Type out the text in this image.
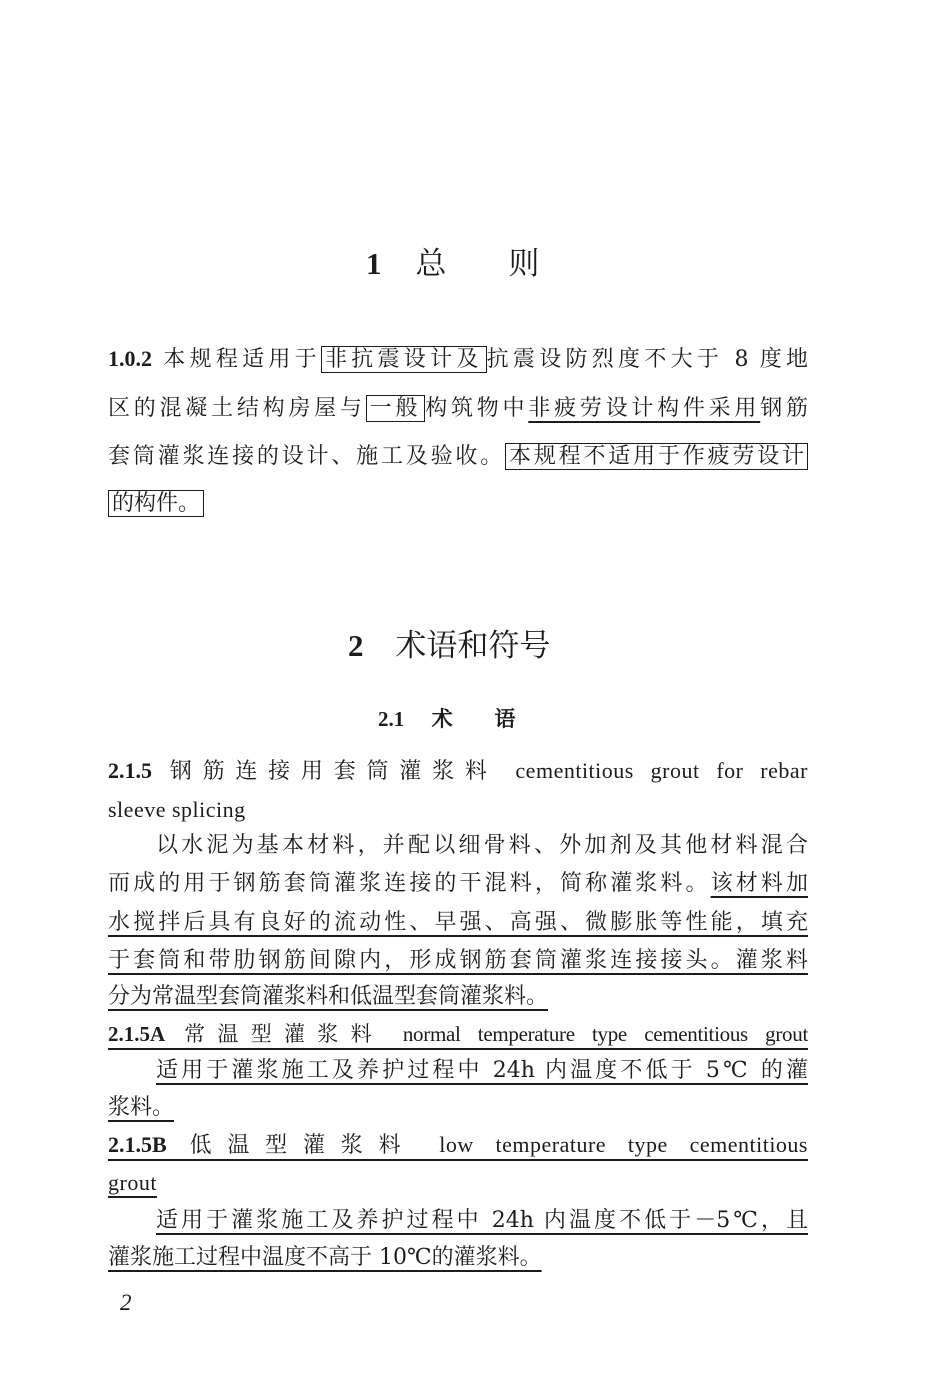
1 总　　则
1.0.2 本规程适用于 非抗震设计及 抗震设防烈度不大于 8 度地
区的混凝土结构房屋与 一般 构筑物中非疲劳设计构件采用钢筋
套筒灌浆连接的设计、施工及验收。 本规程不适用于作疲劳设计
的构件。
2 术语和符号
2.1 术　　语
2.1.5 钢筋连接用套筒灌浆料 cementitious grout for rebar
sleeve splicing
以水泥为基本材料，并配以细骨料、外加剂及其他材料混合
而成的用于钢筋套筒灌浆连接的干混料，简称灌浆料。该材料加
水搅拌后具有良好的流动性、早强、高强、微膨胀等性能，填充
于套筒和带肋钢筋间隙内，形成钢筋套筒灌浆连接接头。灌浆料
分为常温型套筒灌浆料和低温型套筒灌浆料。
2.1.5A 常温型灌浆料 normal temperature type cementitious grout
适用于灌浆施工及养护过程中 24h 内温度不低于 5℃ 的灌
浆料。
2.1.5B 低温型灌浆料 low temperature type cementitious
grout
适用于灌浆施工及养护过程中 24h 内温度不低于－5℃，且
灌浆施工过程中温度不高于 10℃的灌浆料。
2
